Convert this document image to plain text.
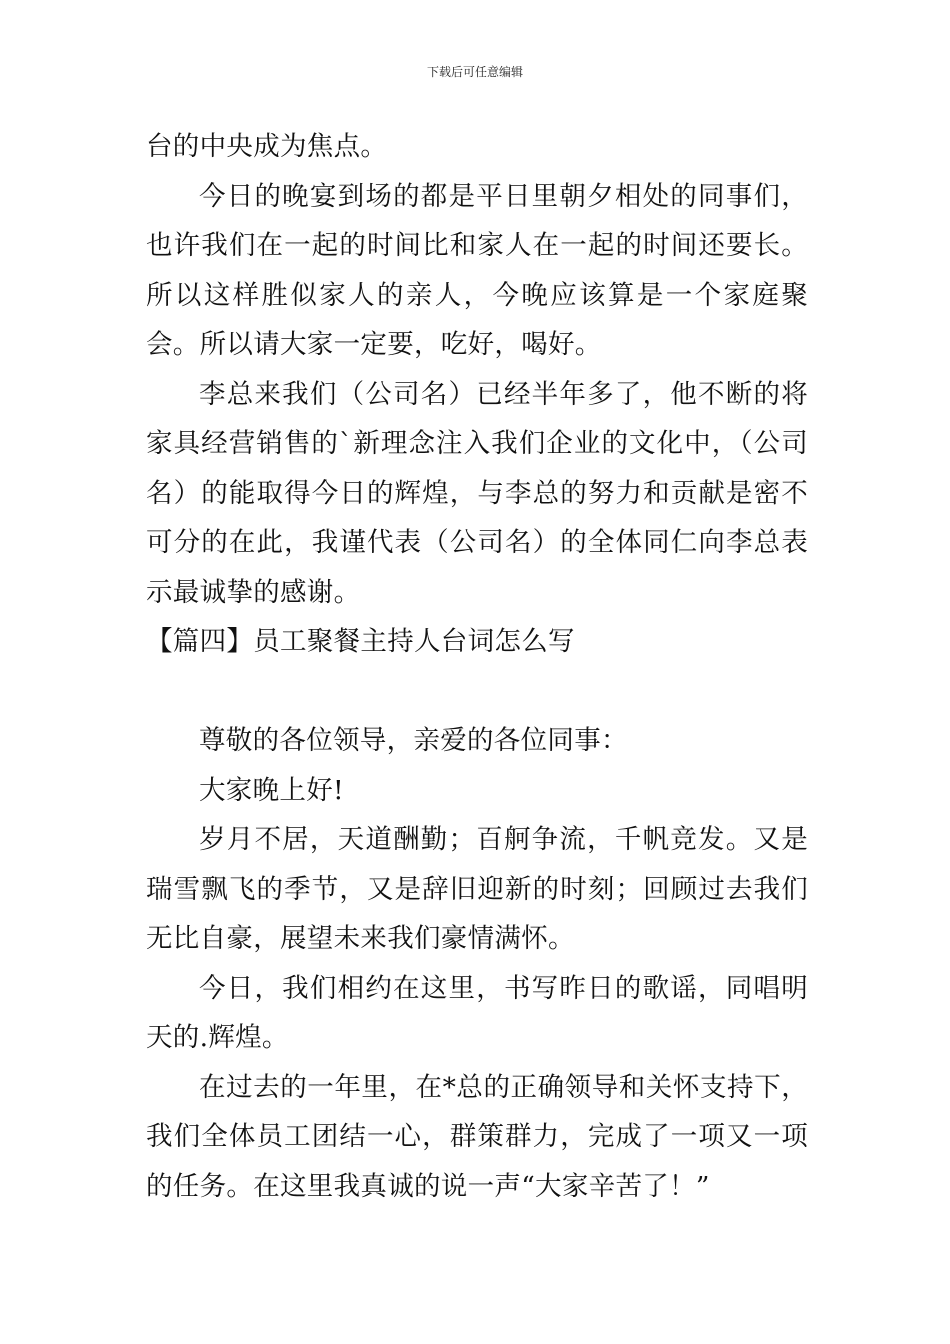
下载后可任意编辑

台的中央成为焦点。

今日的晚宴到场的都是平日里朝夕相处的同事们，也许我们在一起的时间比和家人在一起的时间还要长。所以这样胜似家人的亲人，今晚应该算是一个家庭聚会。所以请大家一定要，吃好，喝好。

李总来我们（公司名）已经半年多了，他不断的将家具经营销售的`新理念注入我们企业的文化中，（公司名）的能取得今日的辉煌，与李总的努力和贡献是密不可分的在此，我谨代表（公司名）的全体同仁向李总表示最诚挚的感谢。

【篇四】员工聚餐主持人台词怎么写

尊敬的各位领导，亲爱的各位同事：

大家晚上好!

岁月不居，天道酬勤；百舸争流，千帆竞发。又是瑞雪飘飞的季节，又是辞旧迎新的时刻；回顾过去我们无比自豪，展望未来我们豪情满怀。

今日，我们相约在这里，书写昨日的歌谣，同唱明天的.辉煌。

在过去的一年里，在*总的正确领导和关怀支持下，我们全体员工团结一心，群策群力，完成了一项又一项的任务。在这里我真诚的说一声“大家辛苦了！”
